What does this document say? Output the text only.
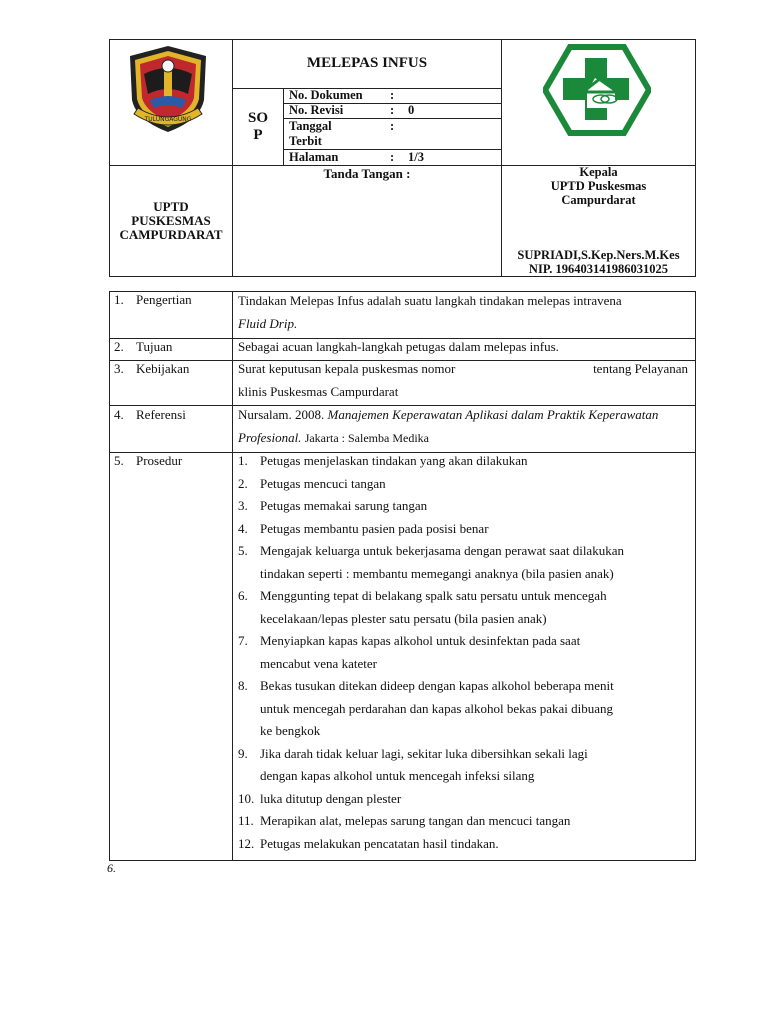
TULUNGAGUNG
MELEPAS INFUS
SO
P
No. Dokumen :
No. Revisi	: 0
Tanggal	:
Terbit
Halaman	: 1/3
UPTD
PUSKESMAS
CAMPURDARAT
Tanda Tangan :	Kepala
UPTD Puskesmas
Campurdarat
SUPRIADI,S.Kep.Ners.M.Kes
NIP. 196403141986031025
1. Pengertian	Tindakan Melepas Infus adalah suatu langkah tindakan melepas intravena
Fluid Drip.
2. Tujuan	Sebagai acuan langkah-langkah petugas dalam melepas infus.
3. Kebijakan	Surat keputusan kepala puskesmas nomor	tentang Pelayanan
klinis Puskesmas Campurdarat
4. Referensi	Nursalam. 2008. Manajemen Keperawatan Aplikasi dalam Praktik Keperawatan
Profesional. Jakarta : Salemba Medika
5. Prosedur	1. Petugas menjelaskan tindakan yang akan dilakukan
2. Petugas mencuci tangan
3. Petugas memakai sarung tangan
4. Petugas membantu pasien pada posisi benar
5. Mengajak keluarga untuk bekerjasama dengan perawat saat dilakukan
tindakan seperti : membantu memegangi anaknya (bila pasien anak)
6. Menggunting tepat di belakang spalk satu persatu untuk mencegah
kecelakaan/lepas plester satu persatu (bila pasien anak)
7. Menyiapkan kapas kapas alkohol untuk desinfektan pada saat
mencabut vena kateter
8. Bekas tusukan ditekan dideep dengan kapas alkohol beberapa menit
untuk mencegah perdarahan dan kapas alkohol bekas pakai dibuang
ke bengkok
9. Jika darah tidak keluar lagi, sekitar luka dibersihkan sekali lagi
dengan kapas alkohol untuk mencegah infeksi silang
10. luka ditutup dengan plester
11. Merapikan alat, melepas sarung tangan dan mencuci tangan
12. Petugas melakukan pencatatan hasil tindakan.
6.
